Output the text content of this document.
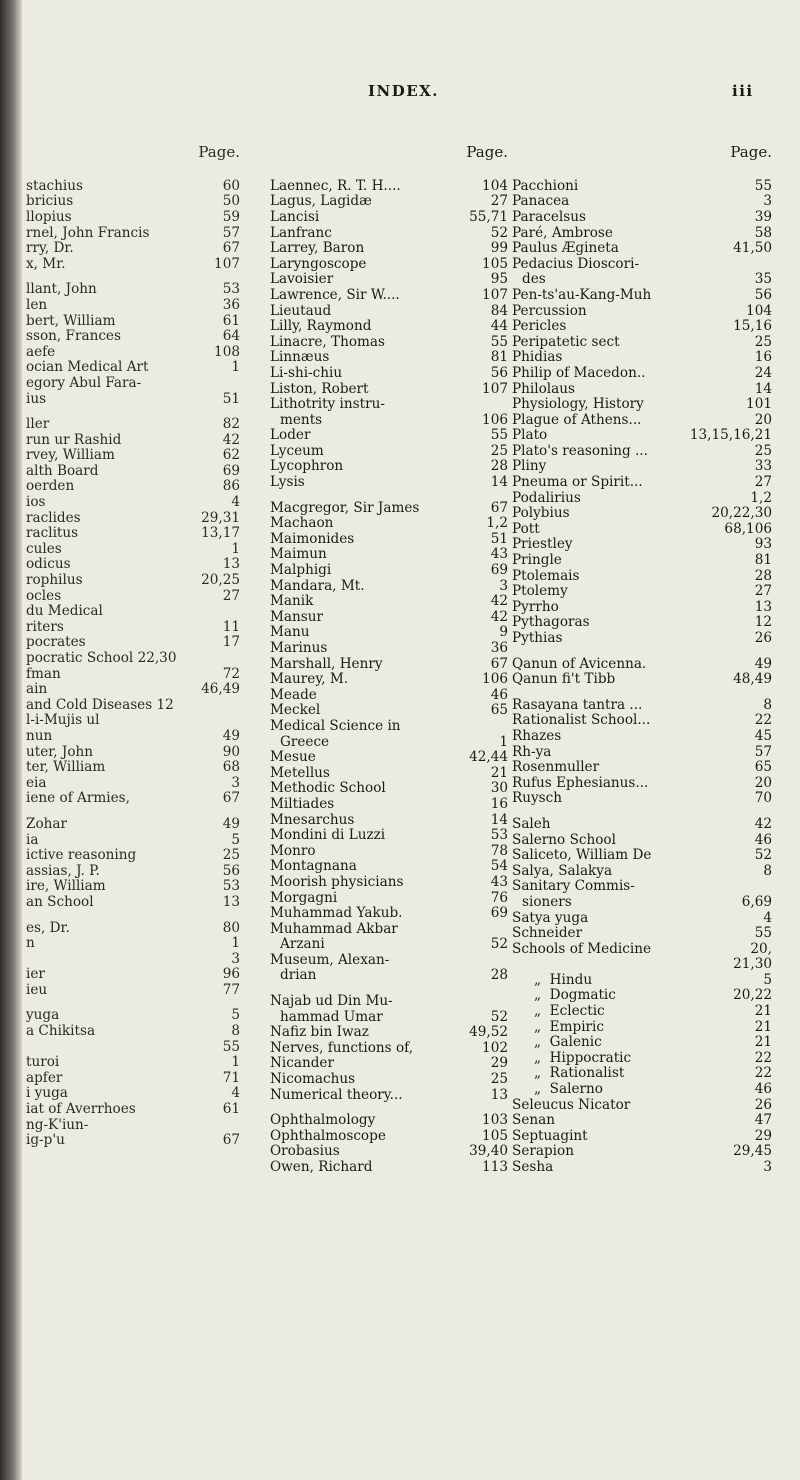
INDEX.	iii

Page.

stachius	60
bricius	50
llopius	59
rnel, John Francis	57
rry, Dr.	67
x, Mr.	107
llant, John	53
len	36
bert, William	61
sson, Frances	64
aefe	108
ocian Medical Art	1
egory Abul Fara-
ius	51
ller	82
run ur Rashid	42
rvey, William	62
alth Board	69
oerden	86
ios	4
raclides	29,31
raclitus	13,17
cules	1
odicus	13
rophilus	20,25
ocles	27
du Medical
riters	11
pocrates	17
pocratic School 22,30
fman	72
ain	46,49
and Cold Diseases 12
l-i-Mujis ul
nun	49
uter, John	90
ter, William	68
eia	3
iene of Armies,	67
Zohar	49
ia	5
ictive reasoning	25
assias, J. P.	56
ire, William	53
an School	13
es, Dr.	80
n	1
3
ier	96
ieu	77
yuga	5
a Chikitsa	8
55
turoi	1
apfer	71
i yuga	4
iat of Averrhoes	61
ng-K'iun-
ig-p'u	67

Page.

Laennec, R. T. H....	104
Lagus, Lagidæ	27
Lancisi	55,71
Lanfranc	52
Larrey, Baron	99
Laryngoscope	105
Lavoisier	95
Lawrence, Sir W....	107
Lieutaud	84
Lilly, Raymond	44
Linacre, Thomas	55
Linnæus	81
Li-shi-chiu	56
Liston, Robert	107
Lithotrity instru-
ments	106
Loder	55
Lyceum	25
Lycophron	28
Lysis	14
Macgregor, Sir James	67
Machaon	1,2
Maimonides	51
Maimun	43
Malphigi	69
Mandara, Mt.	3
Manik	42
Mansur	42
Manu	9
Marinus	36
Marshall, Henry	67
Maurey, M.	106
Meade	46
Meckel	65
Medical Science in
Greece	1
Mesue	42,44
Metellus	21
Methodic School	30
Miltiades	16
Mnesarchus	14
Mondini di Luzzi	53
Monro	78
Montagnana	54
Moorish physicians	43
Morgagni	76
Muhammad Yakub.	69
Muhammad Akbar
Arzani	52
Museum, Alexan-
drian	28
Najab ud Din Mu-
hammad Umar	52
Nafiz bin Iwaz	49,52
Nerves, functions of,	102
Nicander	29
Nicomachus	25
Numerical theory...	13
Ophthalmology	103
Ophthalmoscope	105
Orobasius	39,40
Owen, Richard	113

Page.

Pacchioni	55
Panacea	3
Paracelsus	39
Paré, Ambrose	58
Paulus Ægineta	41,50
Pedacius Dioscori-
des	35
Pen-ts'au-Kang-Muh	56
Percussion	104
Pericles	15,16
Peripatetic sect	25
Phidias	16
Philip of Macedon..	24
Philolaus	14
Physiology, History	101
Plague of Athens...	20
Plato	13,15,16,21
Plato's reasoning ...	25
Pliny	33
Pneuma or Spirit...	27
Podalirius	1,2
Polybius	20,22,30
Pott	68,106
Priestley	93
Pringle	81
Ptolemais	28
Ptolemy	27
Pyrrho	13
Pythagoras	12
Pythias	26
Qanun of Avicenna.	49
Qanun fi't Tibb	48,49
Rasayana tantra ...	8
Rationalist School...	22
Rhazes	45
Rh-ya	57
Rosenmuller	65
Rufus Ephesianus...	20
Ruysch	70
Saleh	42
Salerno School	46
Saliceto, William De	52
Salya, Salakya	8
Sanitary Commis-
sioners	6,69
Satya yuga	4
Schneider	55
Schools of Medicine	20,
21,30
„  Hindu	5
„  Dogmatic	20,22
„  Eclectic	21
„  Empiric	21
„  Galenic	21
„  Hippocratic	22
„  Rationalist	22
„  Salerno	46
Seleucus Nicator	26
Senan	47
Septuagint	29
Serapion	29,45
Sesha	3
